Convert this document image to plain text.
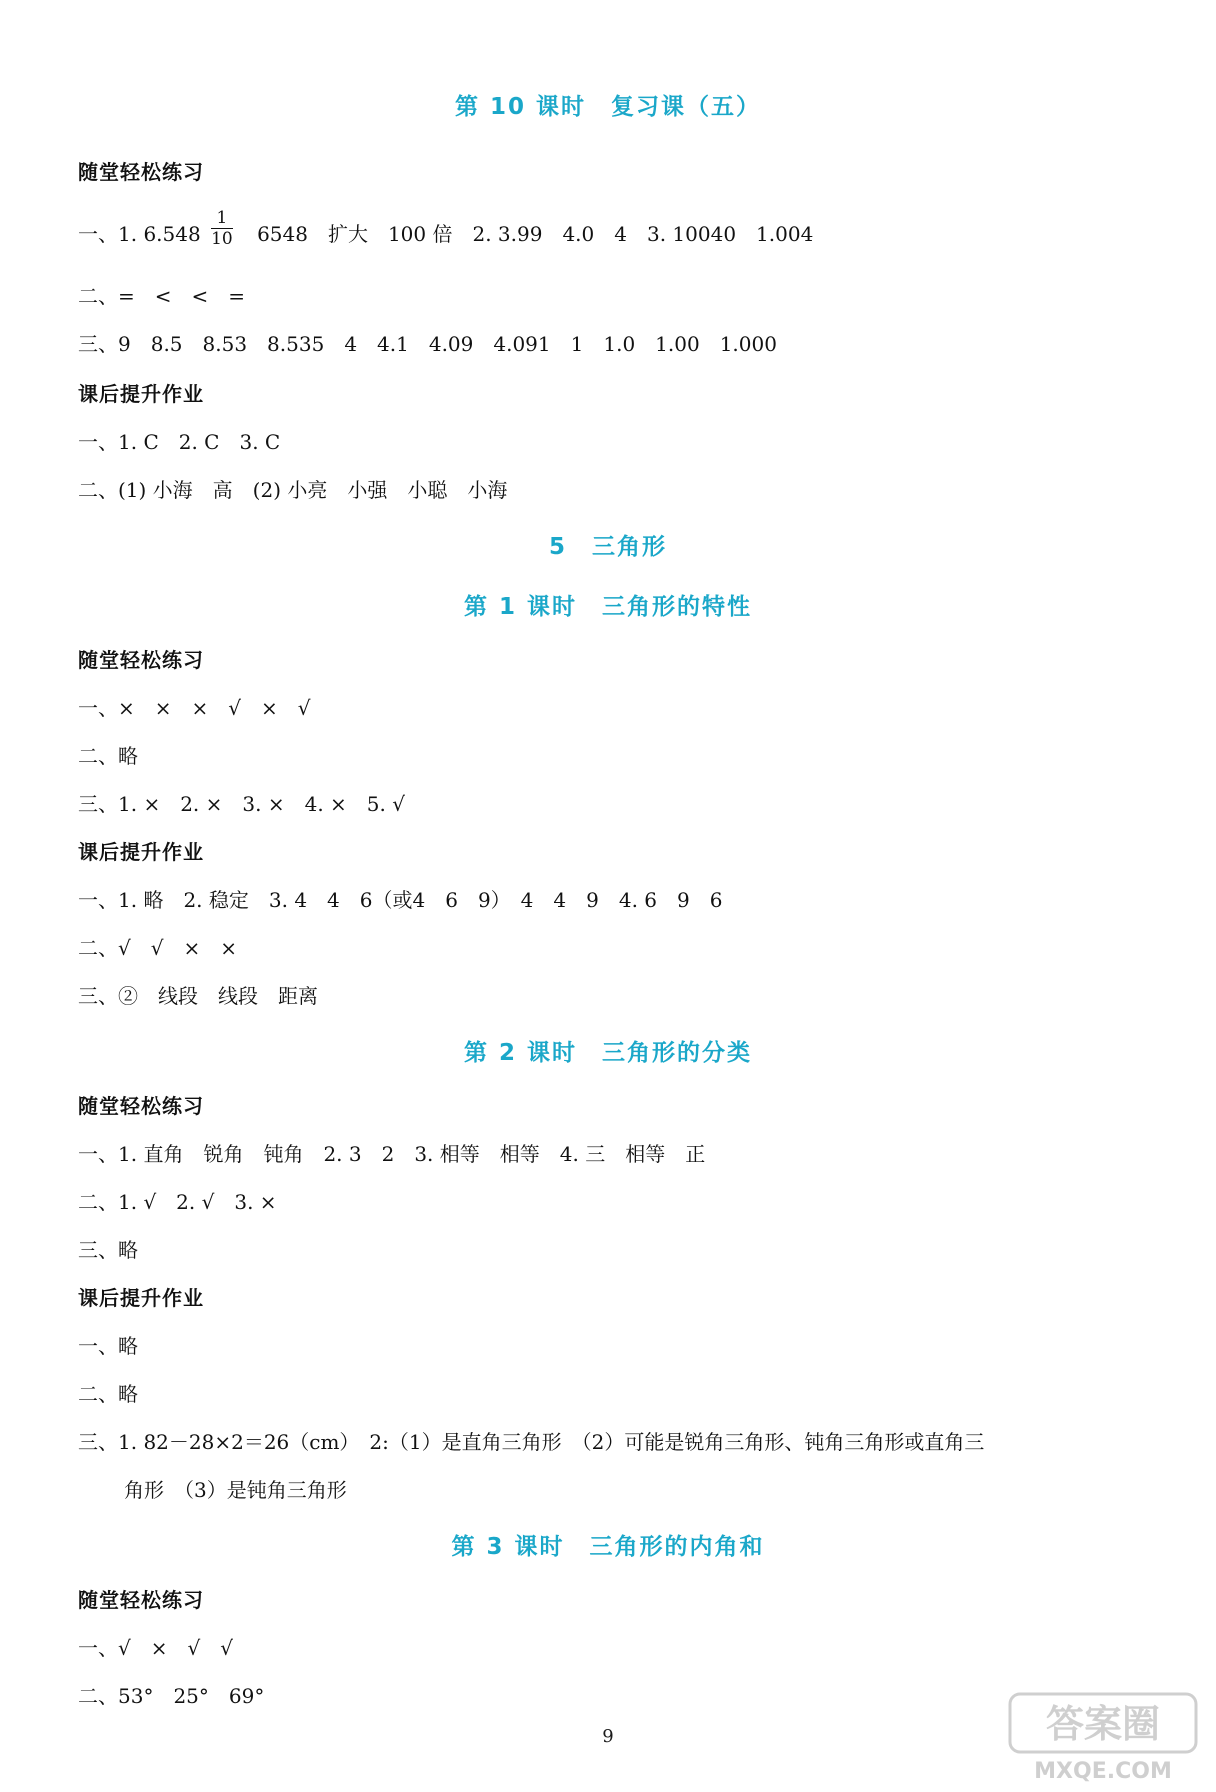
第 10 课时　复习课（五）
随堂轻松练习
一、1. $6.548 \frac{1}{10} 6548$　扩大　100 倍　2. 3.99　4.0　4　3. 10040　1.004
二、=　<　<　=
三、9　8.5　8.53　8.535　4　4.1　4.09　4.091　1　1.0　1.00　1.000
课后提升作业
一、1. C　2. C　3. C
二、(1) 小海　高　(2) 小亮　小强　小聪　小海
5　三角形
第 1 课时　三角形的特性
随堂轻松练习
一、×　×　×　√　×　√
二、略
三、1. ×　2. ×　3. ×　4. ×　5. √
课后提升作业
一、1. 略　2. 稳定　3. 4　4　6（或4　6　9）　4　4　9　4. 6　9　6
二、√　√　×　×
三、②　线段　线段　距离
第 2 课时　三角形的分类
随堂轻松练习
一、1. 直角　锐角　钝角　2. 3　2　3. 相等　相等　4. 三　相等　正
二、1. √　2. √　3. ×
三、略
课后提升作业
一、略
二、略
三、1. 82－28×2＝26（cm）　2:（1）是直角三角形　（2）可能是锐角三角形、钝角三角形或直角三
角形　（3）是钝角三角形
第 3 课时　三角形的内角和
随堂轻松练习
一、√　×　√　√
二、53°　25°　69°
9	答案圈
MXQE.COM
